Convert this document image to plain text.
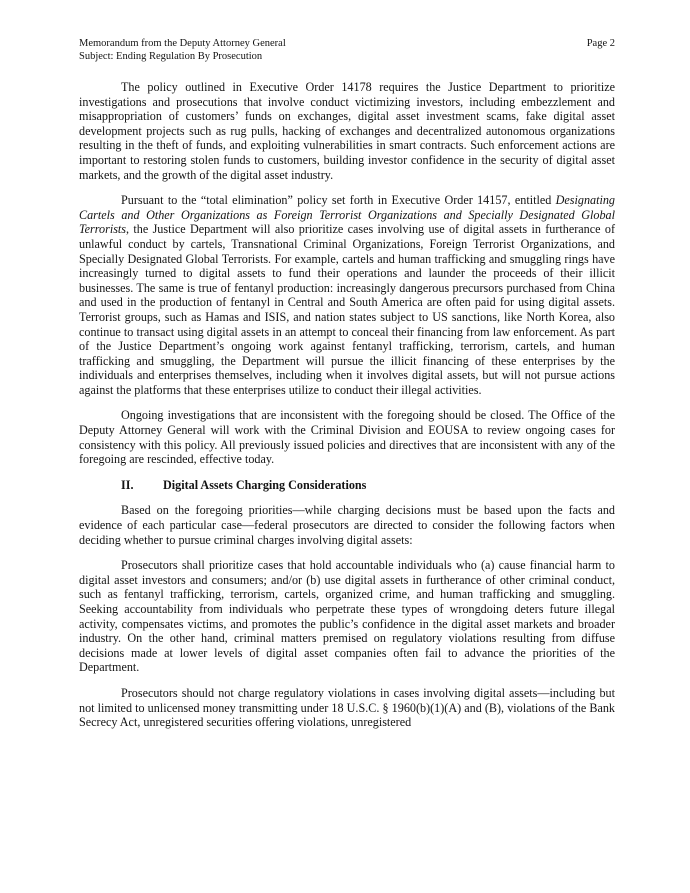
Memorandum from the Deputy Attorney General
Subject: Ending Regulation By Prosecution
Page 2

The policy outlined in Executive Order 14178 requires the Justice Department to prioritize investigations and prosecutions that involve conduct victimizing investors, including embezzlement and misappropriation of customers’ funds on exchanges, digital asset investment scams, fake digital asset development projects such as rug pulls, hacking of exchanges and decentralized autonomous organizations resulting in the theft of funds, and exploiting vulnerabilities in smart contracts. Such enforcement actions are important to restoring stolen funds to customers, building investor confidence in the security of digital asset markets, and the growth of the digital asset industry.

Pursuant to the “total elimination” policy set forth in Executive Order 14157, entitled Designating Cartels and Other Organizations as Foreign Terrorist Organizations and Specially Designated Global Terrorists, the Justice Department will also prioritize cases involving use of digital assets in furtherance of unlawful conduct by cartels, Transnational Criminal Organizations, Foreign Terrorist Organizations, and Specially Designated Global Terrorists. For example, cartels and human trafficking and smuggling rings have increasingly turned to digital assets to fund their operations and launder the proceeds of their illicit businesses. The same is true of fentanyl production: increasingly dangerous precursors purchased from China and used in the production of fentanyl in Central and South America are often paid for using digital assets. Terrorist groups, such as Hamas and ISIS, and nation states subject to US sanctions, like North Korea, also continue to transact using digital assets in an attempt to conceal their financing from law enforcement. As part of the Justice Department’s ongoing work against fentanyl trafficking, terrorism, cartels, and human trafficking and smuggling, the Department will pursue the illicit financing of these enterprises by the individuals and enterprises themselves, including when it involves digital assets, but will not pursue actions against the platforms that these enterprises utilize to conduct their illegal activities.

Ongoing investigations that are inconsistent with the foregoing should be closed. The Office of the Deputy Attorney General will work with the Criminal Division and EOUSA to review ongoing cases for consistency with this policy. All previously issued policies and directives that are inconsistent with any of the foregoing are rescinded, effective today.

II. Digital Assets Charging Considerations

Based on the foregoing priorities—while charging decisions must be based upon the facts and evidence of each particular case—federal prosecutors are directed to consider the following factors when deciding whether to pursue criminal charges involving digital assets:

Prosecutors shall prioritize cases that hold accountable individuals who (a) cause financial harm to digital asset investors and consumers; and/or (b) use digital assets in furtherance of other criminal conduct, such as fentanyl trafficking, terrorism, cartels, organized crime, and human trafficking and smuggling. Seeking accountability from individuals who perpetrate these types of wrongdoing deters future illegal activity, compensates victims, and promotes the public’s confidence in the digital asset markets and broader industry. On the other hand, criminal matters premised on regulatory violations resulting from diffuse decisions made at lower levels of digital asset companies often fail to advance the priorities of the Department.

Prosecutors should not charge regulatory violations in cases involving digital assets—including but not limited to unlicensed money transmitting under 18 U.S.C. § 1960(b)(1)(A) and (B), violations of the Bank Secrecy Act, unregistered securities offering violations, unregistered
